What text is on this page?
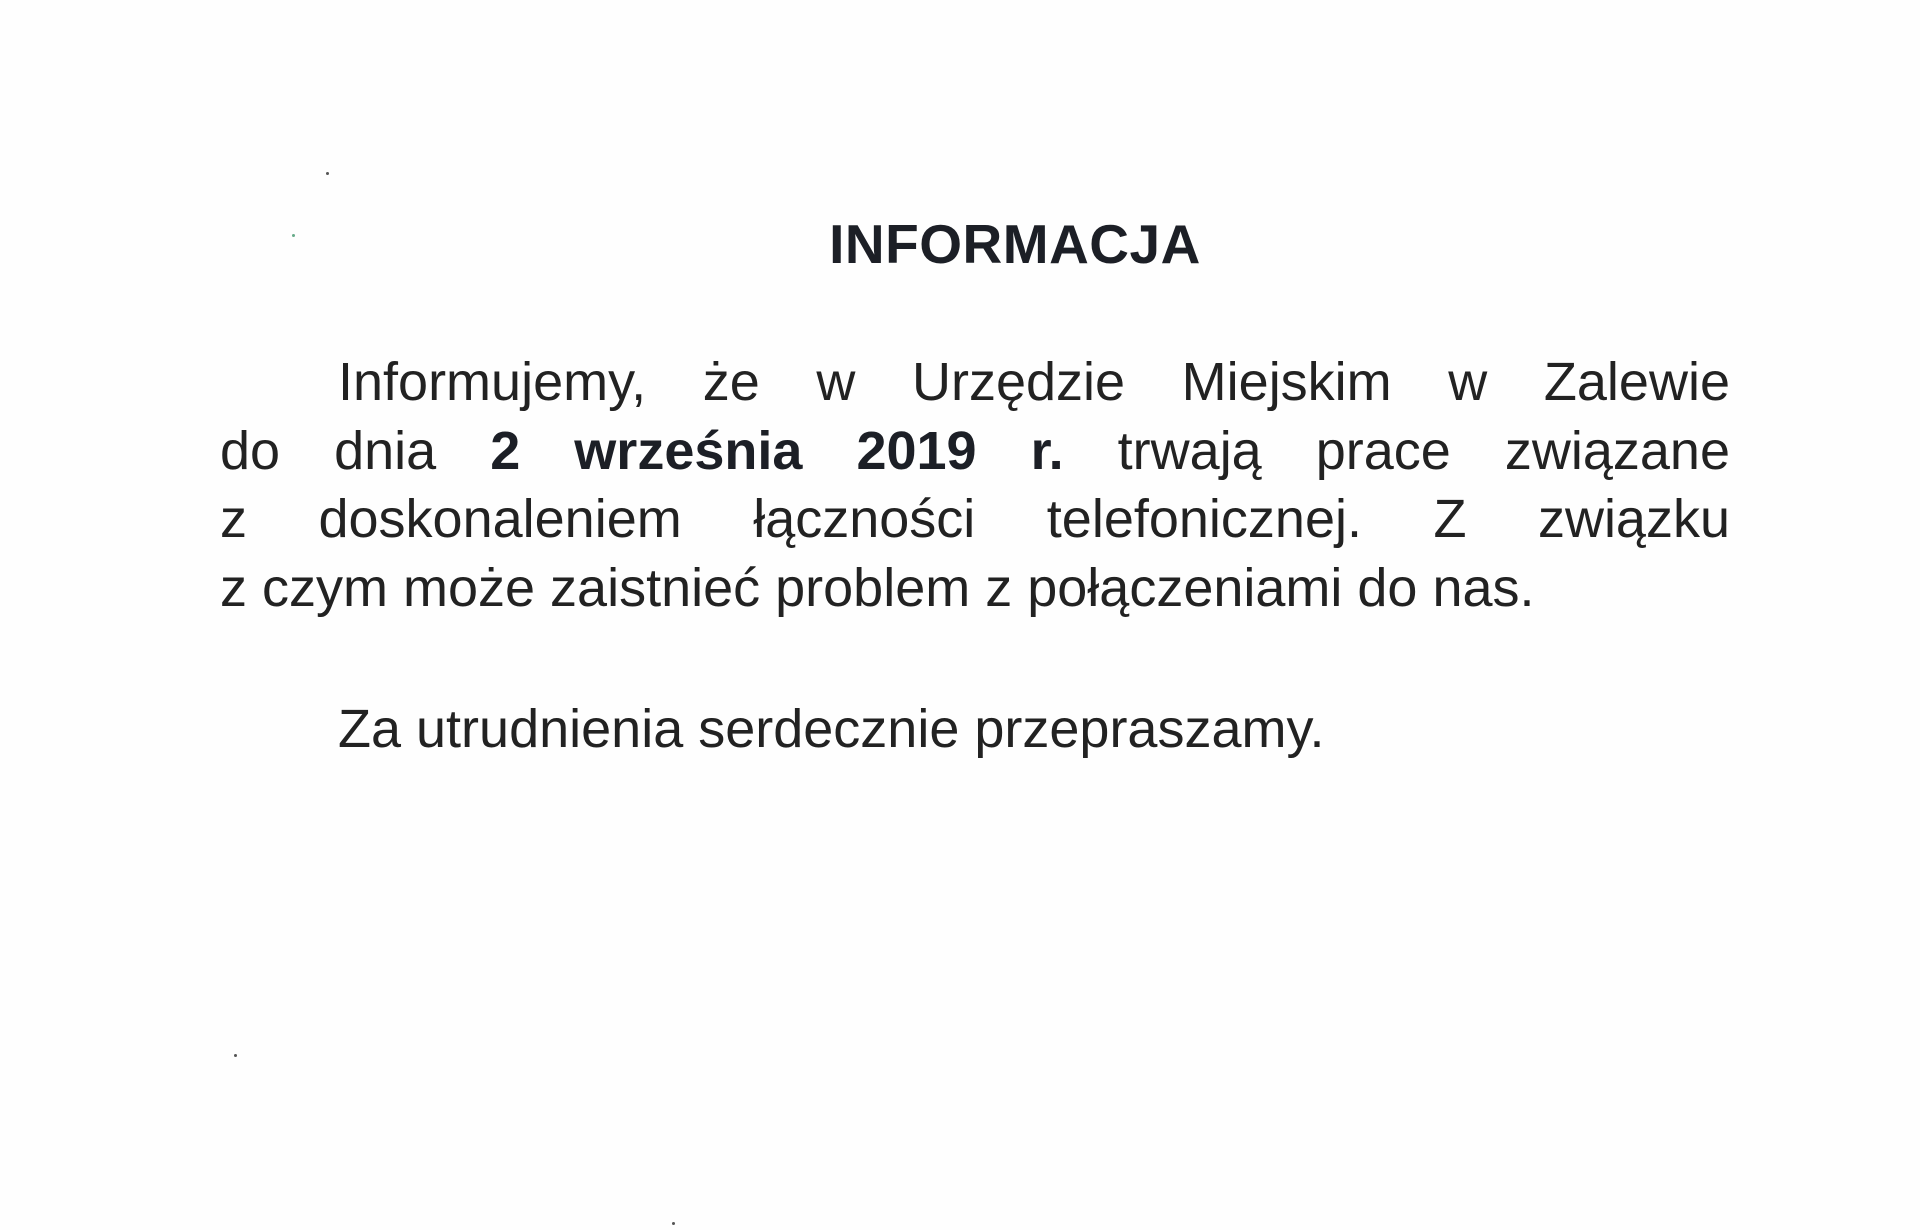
INFORMACJA

Informujemy, że w Urzędzie Miejskim w Zalewie
do dnia 2 września 2019 r. trwają prace związane
z doskonaleniem łączności telefonicznej. Z związku
z czym może zaistnieć problem z połączeniami do nas.

Za utrudnienia serdecznie przepraszamy.
